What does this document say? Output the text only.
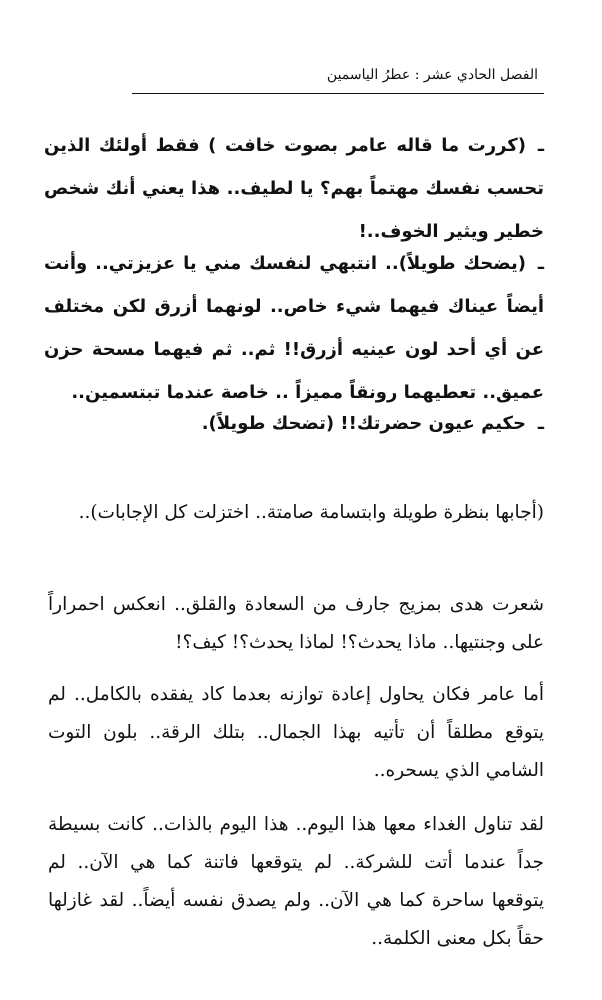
الفصل الحادي عشر : عطرُ الياسمين

ـ(كررت ما قاله عامر بصوت خافت ) فقط أولئك الذين تحسب نفسك مهتماً بهم؟ يا لطيف.. هذا يعني أنك شخص خطير ويثير الخوف..!

ـ(يضحك طويلاً).. انتبهي لنفسك مني يا عزيزتي.. وأنت أيضاً عيناك فيهما شيء خاص.. لونهما أزرق لكن مختلف عن أي أحد لون عينيه أزرق!! ثم.. ثم فيهما مسحة حزن عميق.. تعطيهما رونقاً مميزاً .. خاصة عندما تبتسمين..

ـحكيم عيون حضرتك!! (تضحك طويلاً).

(أجابها بنظرة طويلة وابتسامة صامتة.. اختزلت كل الإجابات)..

شعرت هدى بمزيج جارف من السعادة والقلق.. انعكس احمراراً على وجنتيها.. ماذا يحدث؟! لماذا يحدث؟! كيف؟!

أما عامر فكان يحاول إعادة توازنه بعدما كاد يفقده بالكامل.. لم يتوقع مطلقاً أن تأتيه بهذا الجمال.. بتلك الرقة.. بلون التوت الشامي الذي يسحره..

لقد تناول الغداء معها هذا اليوم.. هذا اليوم بالذات.. كانت بسيطة جداً عندما أتت للشركة.. لم يتوقعها فاتنة كما هي الآن.. لم يتوقعها ساحرة كما هي الآن.. ولم يصدق نفسه أيضاً.. لقد غازلها حقاً بكل معنى الكلمة..
